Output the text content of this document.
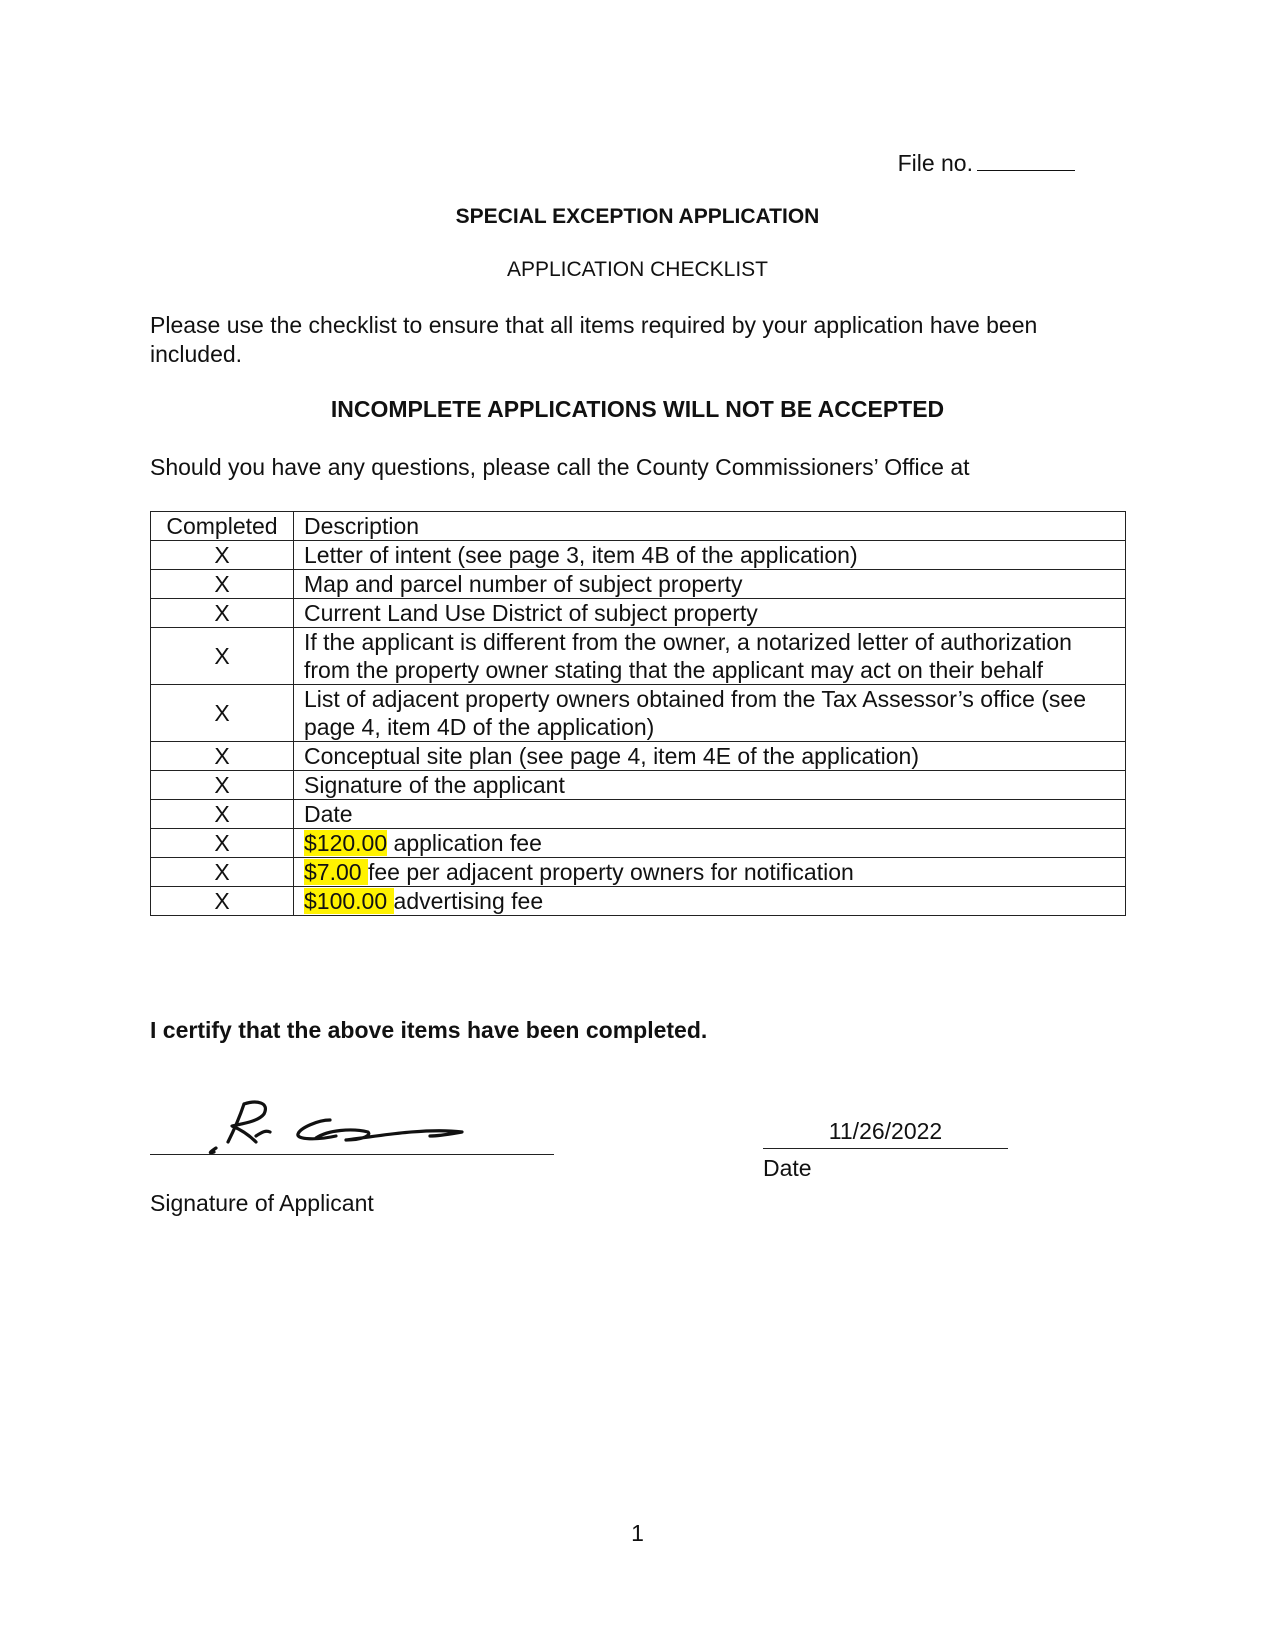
File no.
SPECIAL EXCEPTION APPLICATION
APPLICATION CHECKLIST
Please use the checklist to ensure that all items required by your application have been included.
INCOMPLETE APPLICATIONS WILL NOT BE ACCEPTED
Should you have any questions, please call the County Commissioners’ Office at
Completed	Description
X	Letter of intent (see page 3, item 4B of the application)
X	Map and parcel number of subject property
X	Current Land Use District of subject property
X	If the applicant is different from the owner, a notarized letter of authorization from the property owner stating that the applicant may act on their behalf
X	List of adjacent property owners obtained from the Tax Assessor’s office (see page 4, item 4D of the application)
X	Conceptual site plan (see page 4, item 4E of the application)
X	Signature of the applicant
X	Date
X	$120.00 application fee
X	$7.00 fee per adjacent property owners for notification
X	$100.00 advertising fee
I certify that the above items have been completed.
Signature of Applicant
11/26/2022
Date
1
